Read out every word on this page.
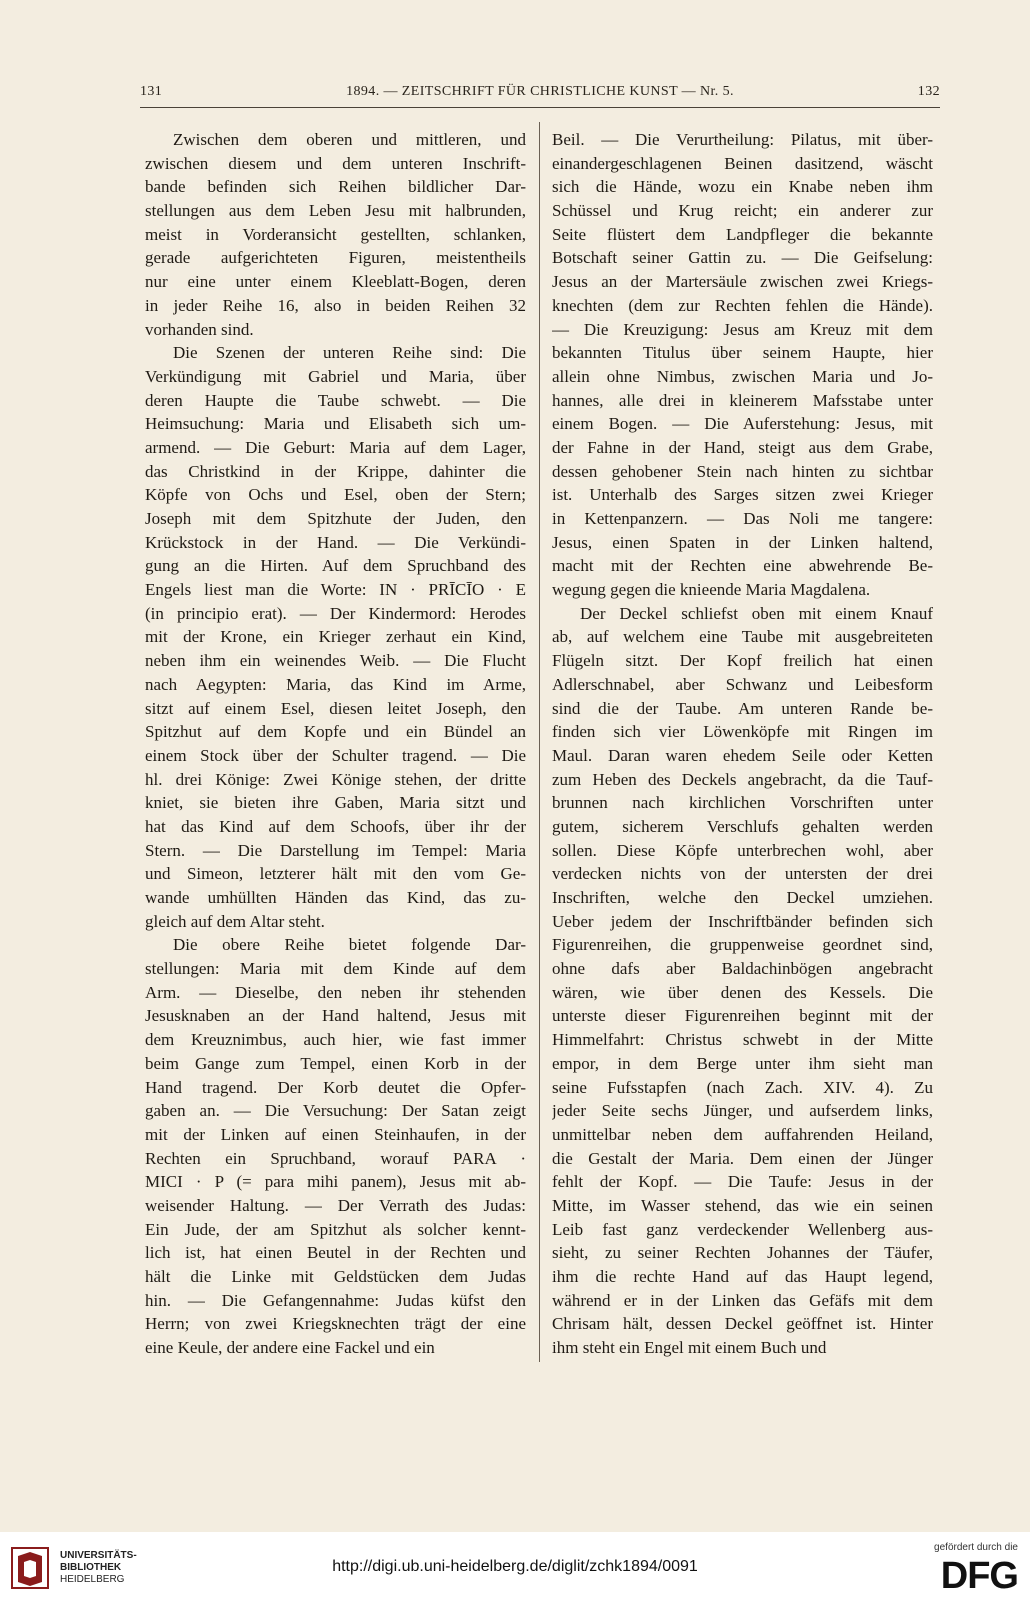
131	1894. — ZEITSCHRIFT FÜR CHRISTLICHE KUNST — Nr. 5.	132
Zwischen dem oberen und mittleren, und
zwischen diesem und dem unteren Inschrift-
bande befinden sich Reihen bildlicher Dar-
stellungen aus dem Leben Jesu mit halbrunden,
meist in Vorderansicht gestellten, schlanken,
gerade aufgerichteten Figuren, meistentheils
nur eine unter einem Kleeblatt-Bogen, deren
in jeder Reihe 16, also in beiden Reihen 32
vorhanden sind.
Die Szenen der unteren Reihe sind: Die
Verkündigung mit Gabriel und Maria, über
deren Haupte die Taube schwebt. — Die
Heimsuchung: Maria und Elisabeth sich um-
armend. — Die Geburt: Maria auf dem Lager,
das Christkind in der Krippe, dahinter die
Köpfe von Ochs und Esel, oben der Stern;
Joseph mit dem Spitzhute der Juden, den
Krückstock in der Hand. — Die Verkündi-
gung an die Hirten. Auf dem Spruchband des
Engels liest man die Worte: IN · PRĪCĪO · E
(in principio erat). — Der Kindermord: Herodes
mit der Krone, ein Krieger zerhaut ein Kind,
neben ihm ein weinendes Weib. — Die Flucht
nach Aegypten: Maria, das Kind im Arme,
sitzt auf einem Esel, diesen leitet Joseph, den
Spitzhut auf dem Kopfe und ein Bündel an
einem Stock über der Schulter tragend. — Die
hl. drei Könige: Zwei Könige stehen, der dritte
kniet, sie bieten ihre Gaben, Maria sitzt und
hat das Kind auf dem Schoofs, über ihr der
Stern. — Die Darstellung im Tempel: Maria
und Simeon, letzterer hält mit den vom Ge-
wande umhüllten Händen das Kind, das zu-
gleich auf dem Altar steht.
Die obere Reihe bietet folgende Dar-
stellungen: Maria mit dem Kinde auf dem
Arm. — Dieselbe, den neben ihr stehenden
Jesusknaben an der Hand haltend, Jesus mit
dem Kreuznimbus, auch hier, wie fast immer
beim Gange zum Tempel, einen Korb in der
Hand tragend. Der Korb deutet die Opfer-
gaben an. — Die Versuchung: Der Satan zeigt
mit der Linken auf einen Steinhaufen, in der
Rechten ein Spruchband, worauf PARA ·
MICI · P (= para mihi panem), Jesus mit ab-
weisender Haltung. — Der Verrath des Judas:
Ein Jude, der am Spitzhut als solcher kennt-
lich ist, hat einen Beutel in der Rechten und
hält die Linke mit Geldstücken dem Judas
hin. — Die Gefangennahme: Judas küfst den
Herrn; von zwei Kriegsknechten trägt der eine
eine Keule, der andere eine Fackel und ein
Beil. — Die Verurtheilung: Pilatus, mit über-
einandergeschlagenen Beinen dasitzend, wäscht
sich die Hände, wozu ein Knabe neben ihm
Schüssel und Krug reicht; ein anderer zur
Seite flüstert dem Landpfleger die bekannte
Botschaft seiner Gattin zu. — Die Geifselung:
Jesus an der Martersäule zwischen zwei Kriegs-
knechten (dem zur Rechten fehlen die Hände).
— Die Kreuzigung: Jesus am Kreuz mit dem
bekannten Titulus über seinem Haupte, hier
allein ohne Nimbus, zwischen Maria und Jo-
hannes, alle drei in kleinerem Mafsstabe unter
einem Bogen. — Die Auferstehung: Jesus, mit
der Fahne in der Hand, steigt aus dem Grabe,
dessen gehobener Stein nach hinten zu sichtbar
ist. Unterhalb des Sarges sitzen zwei Krieger
in Kettenpanzern. — Das Noli me tangere:
Jesus, einen Spaten in der Linken haltend,
macht mit der Rechten eine abwehrende Be-
wegung gegen die knieende Maria Magdalena.
Der Deckel schliefst oben mit einem Knauf
ab, auf welchem eine Taube mit ausgebreiteten
Flügeln sitzt. Der Kopf freilich hat einen
Adlerschnabel, aber Schwanz und Leibesform
sind die der Taube. Am unteren Rande be-
finden sich vier Löwenköpfe mit Ringen im
Maul. Daran waren ehedem Seile oder Ketten
zum Heben des Deckels angebracht, da die Tauf-
brunnen nach kirchlichen Vorschriften unter
gutem, sicherem Verschlufs gehalten werden
sollen. Diese Köpfe unterbrechen wohl, aber
verdecken nichts von der untersten der drei
Inschriften, welche den Deckel umziehen.
Ueber jedem der Inschriftbänder befinden sich
Figurenreihen, die gruppenweise geordnet sind,
ohne dafs aber Baldachinbögen angebracht
wären, wie über denen des Kessels. Die
unterste dieser Figurenreihen beginnt mit der
Himmelfahrt: Christus schwebt in der Mitte
empor, in dem Berge unter ihm sieht man
seine Fufsstapfen (nach Zach. XIV. 4). Zu
jeder Seite sechs Jünger, und aufserdem links,
unmittelbar neben dem auffahrenden Heiland,
die Gestalt der Maria. Dem einen der Jünger
fehlt der Kopf. — Die Taufe: Jesus in der
Mitte, im Wasser stehend, das wie ein seinen
Leib fast ganz verdeckender Wellenberg aus-
sieht, zu seiner Rechten Johannes der Täufer,
ihm die rechte Hand auf das Haupt legend,
während er in der Linken das Gefäfs mit dem
Chrisam hält, dessen Deckel geöffnet ist. Hinter
ihm steht ein Engel mit einem Buch und
UNIVERSITÄTS-
BIBLIOTHEK
HEIDELBERG
http://digi.ub.uni-heidelberg.de/diglit/zchk1894/0091
gefördert durch die
DFG
